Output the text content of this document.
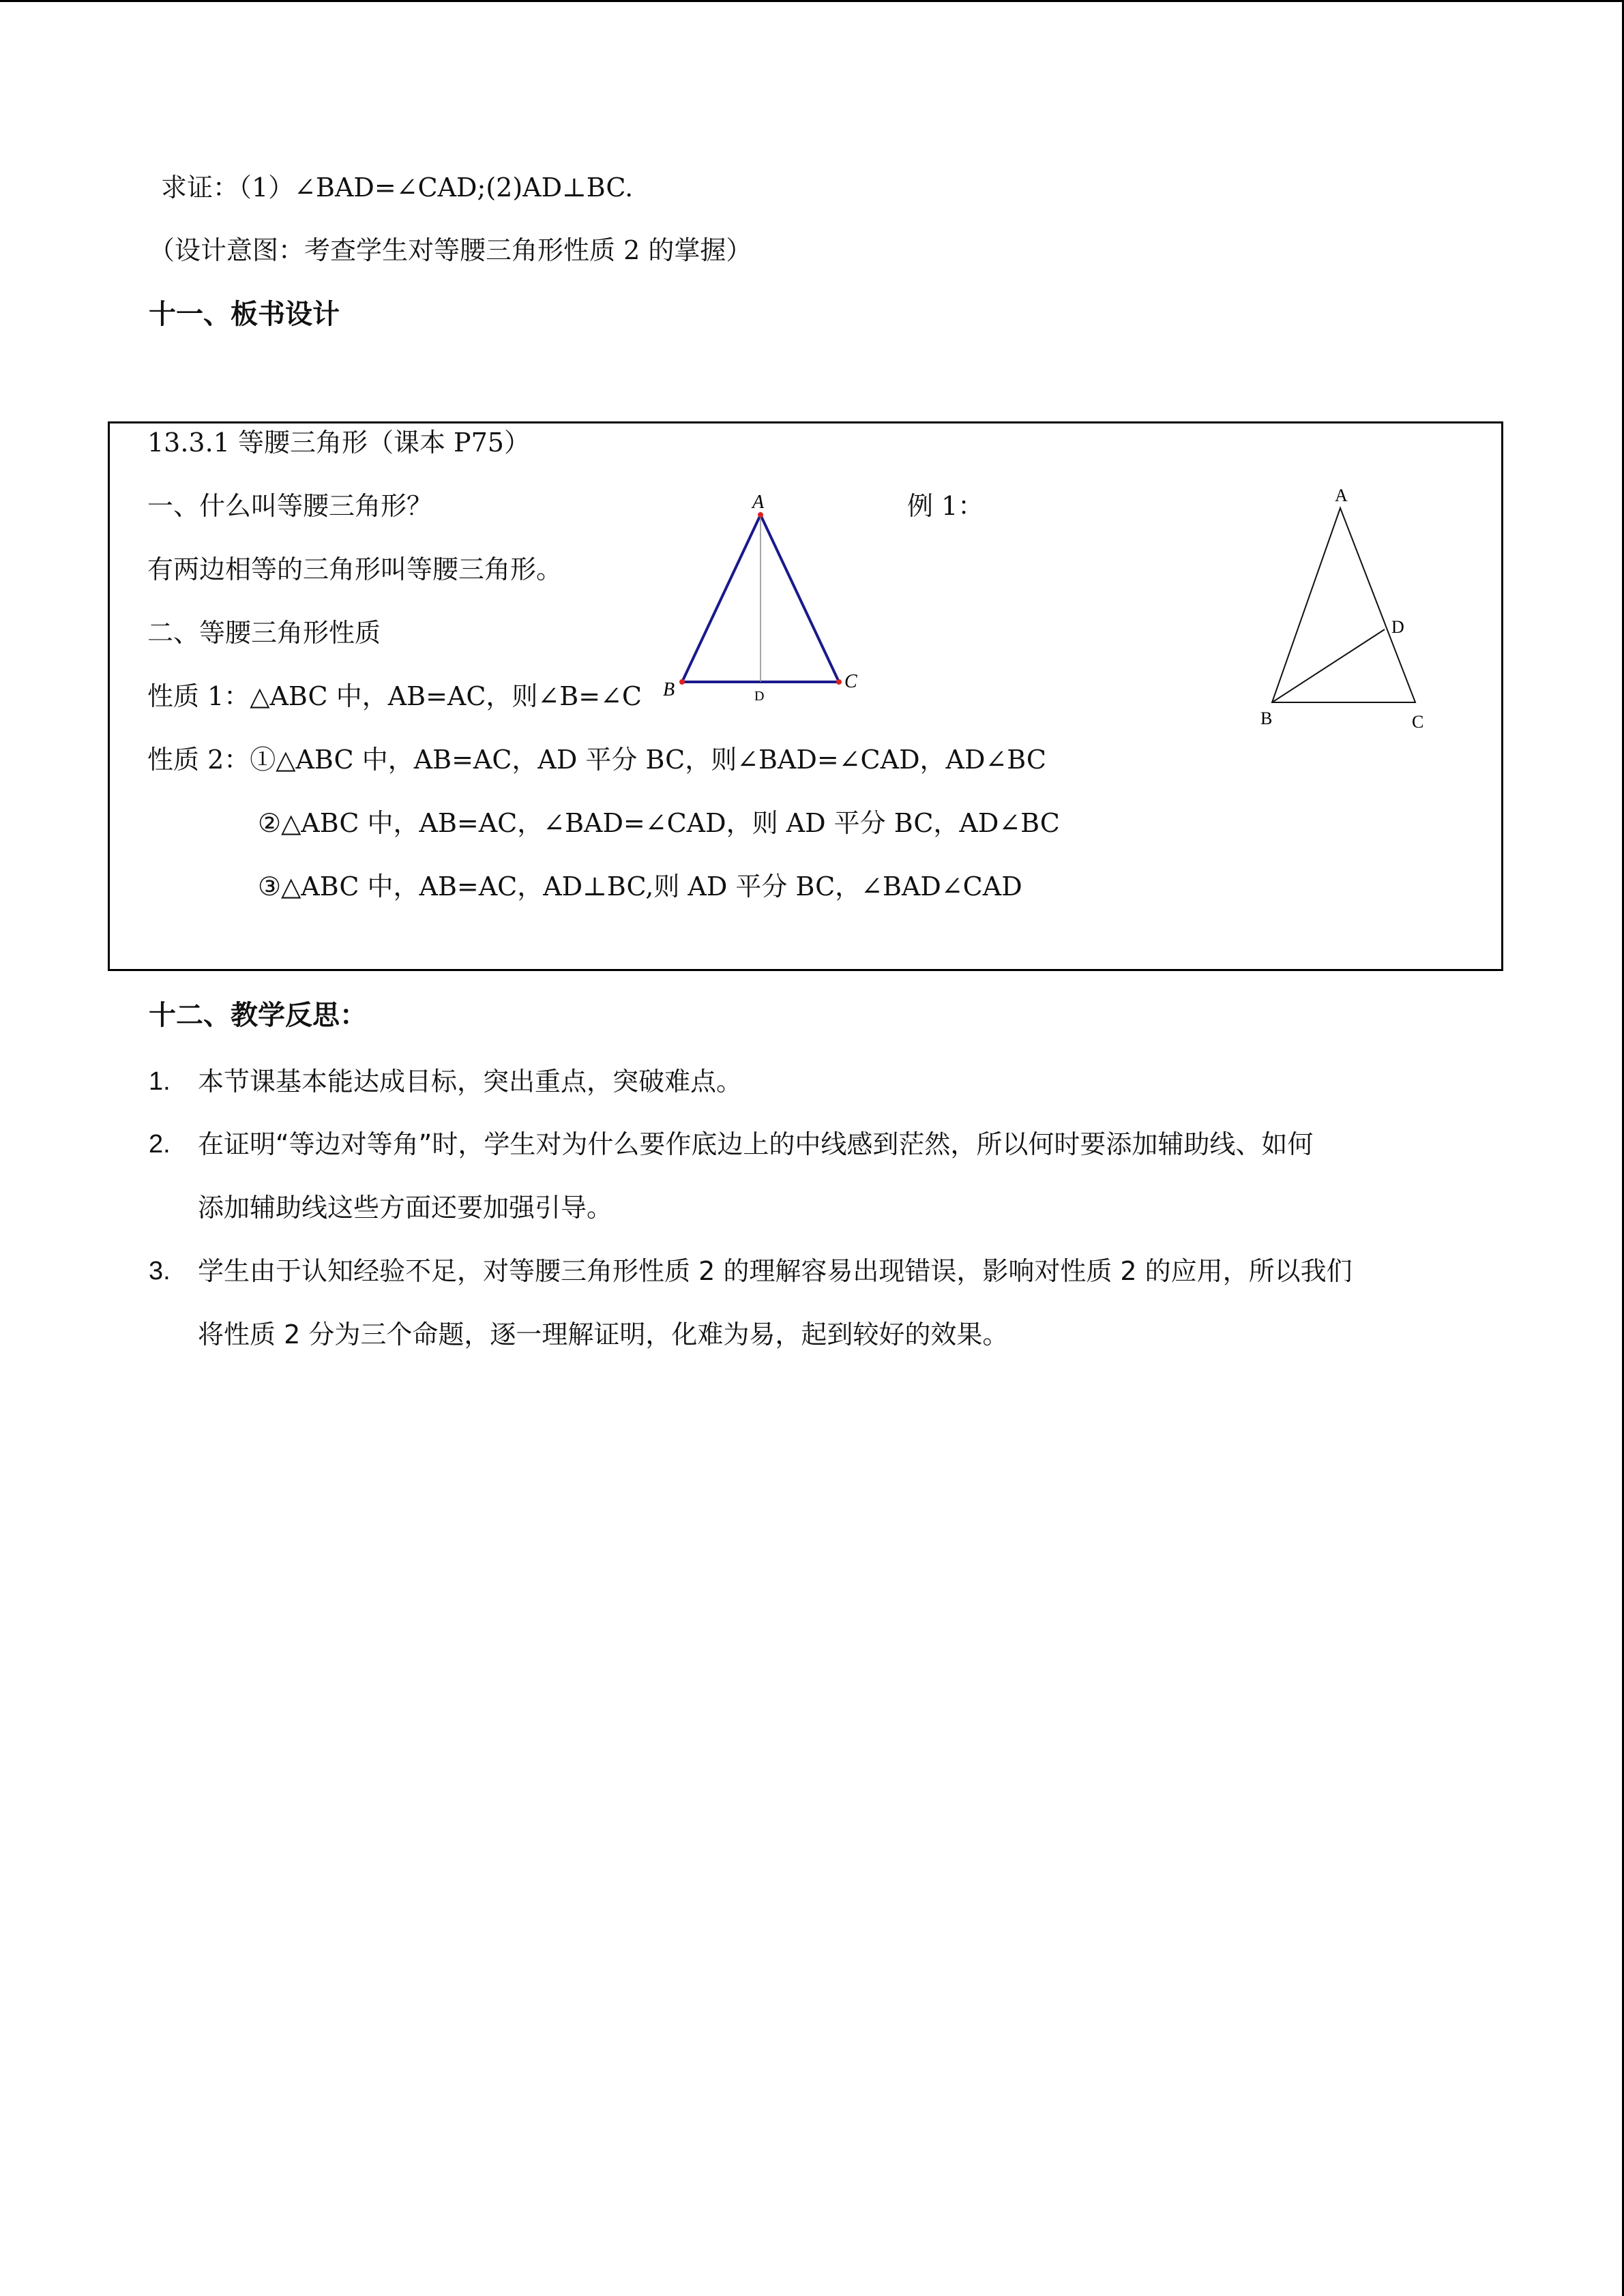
求证：（1）∠BAD=∠CAD;(2)AD⊥BC.
（设计意图：考查学生对等腰三角形性质 2 的掌握）
十一、板书设计
13.3.1 等腰三角形（课本 P75）
一、什么叫等腰三角形？
有两边相等的三角形叫等腰三角形。
二、等腰三角形性质
性质 1：△ABC 中，AB=AC，则∠B=∠C
性质 2：①△ABC 中，AB=AC，AD 平分 BC，则∠BAD=∠CAD，AD∠BC
②△ABC 中，AB=AC，∠BAD=∠CAD，则 AD 平分 BC，AD∠BC
③△ABC 中，AB=AC，AD⊥BC,则 AD 平分 BC，∠BAD∠CAD
例 1：
A
B	C
D
A
B	C
D
十二、教学反思：
1. 本节课基本能达成目标，突出重点，突破难点。
2. 在证明“等边对等角”时，学生对为什么要作底边上的中线感到茫然，所以何时要添加辅助线、如何
添加辅助线这些方面还要加强引导。
3. 学生由于认知经验不足，对等腰三角形性质 2 的理解容易出现错误，影响对性质 2 的应用，所以我们
将性质 2 分为三个命题，逐一理解证明，化难为易，起到较好的效果。
